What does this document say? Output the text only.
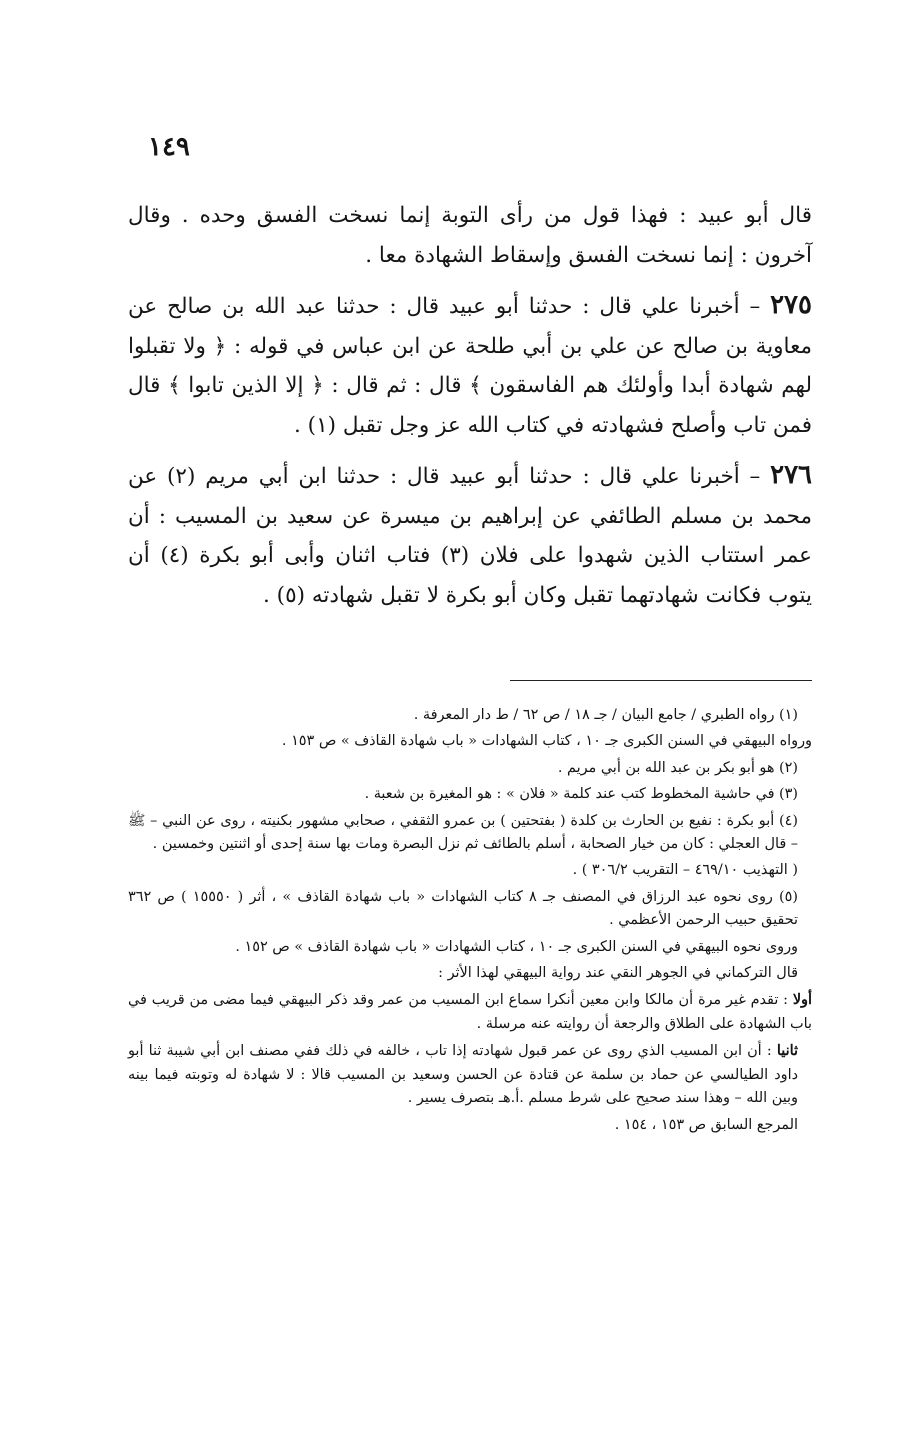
١٤٩

قال أبو عبيد : فهذا قول من رأى التوبة إنما نسخت الفسق وحده . وقال آخرون : إنما نسخت الفسق وإسقاط الشهادة معا .

٢٧٥ – أخبرنا علي قال : حدثنا أبو عبيد قال : حدثنا عبد الله بن صالح عن معاوية بن صالح عن علي بن أبي طلحة عن ابن عباس في قوله : ﴿ ولا تقبلوا لهم شهادة أبدا وأولئك هم الفاسقون ﴾ قال : ثم قال : ﴿ إلا الذين تابوا ﴾ قال فمن تاب وأصلح فشهادته في كتاب الله عز وجل تقبل (١) .

٢٧٦ – أخبرنا علي قال : حدثنا أبو عبيد قال : حدثنا ابن أبي مريم (٢) عن محمد بن مسلم الطائفي عن إبراهيم بن ميسرة عن سعيد بن المسيب : أن عمر استتاب الذين شهدوا على فلان (٣) فتاب اثنان وأبى أبو بكرة (٤) أن يتوب فكانت شهادتهما تقبل وكان أبو بكرة لا تقبل شهادته (٥) .

(١) رواه الطبري / جامع البيان / جـ ١٨ / ص ٦٢ / ط دار المعرفة .

ورواه البيهقي في السنن الكبرى جـ ١٠ ، كتاب الشهادات « باب شهادة القاذف » ص ١٥٣ .

(٢) هو أبو بكر بن عبد الله بن أبي مريم .

(٣) في حاشية المخطوط كتب عند كلمة « فلان » : هو المغيرة بن شعبة .

(٤) أبو بكرة : نفيع بن الحارث بن كلدة ( بفتحتين ) بن عمرو الثقفي ، صحابي مشهور بكنيته ، روى عن النبي – ﷺ – قال العجلي : كان من خيار الصحابة ، أسلم بالطائف ثم نزل البصرة ومات بها سنة إحدى أو اثنتين وخمسين .

( التهذيب ٤٦٩/١٠ – التقريب ٣٠٦/٢ ) .

(٥) روى نحوه عبد الرزاق في المصنف جـ ٨ كتاب الشهادات « باب شهادة القاذف » ، أثر ( ١٥٥٥٠ ) ص ٣٦٢ تحقيق حبيب الرحمن الأعظمي .

وروى نحوه البيهقي في السنن الكبرى جـ ١٠ ، كتاب الشهادات « باب شهادة القاذف » ص ١٥٢ .

قال التركماني في الجوهر النقي عند رواية البيهقي لهذا الأثر :

أولا : تقدم غير مرة أن مالكا وابن معين أنكرا سماع ابن المسيب من عمر وقد ذكر البيهقي فيما مضى من قريب في باب الشهادة على الطلاق والرجعة أن روايته عنه مرسلة .

ثانيا : أن ابن المسيب الذي روى عن عمر قبول شهادته إذا تاب ، خالفه في ذلك ففي مصنف ابن أبي شيبة ثنا أبو داود الطيالسي عن حماد بن سلمة عن قتادة عن الحسن وسعيد بن المسيب قالا : لا شهادة له وتوبته فيما بينه وبين الله – وهذا سند صحيح على شرط مسلم .أ.هـ بتصرف يسير .

المرجع السابق ص ١٥٣ ، ١٥٤ .
